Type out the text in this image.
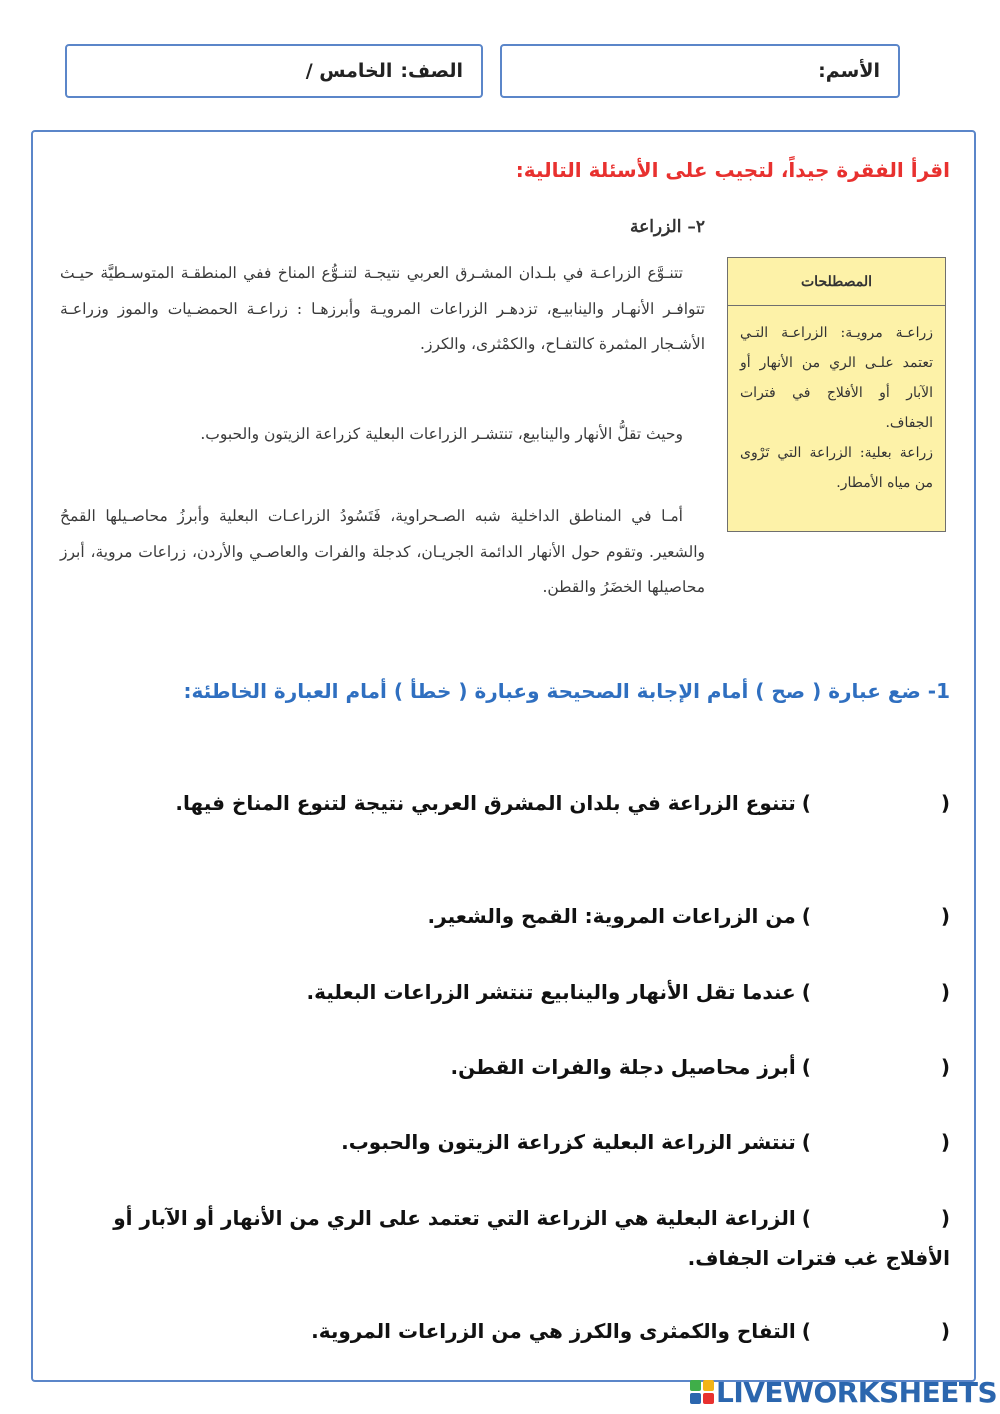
الأسم:
الصف:
الخامس /
اقرأ الفقرة جيداً، لتجيب على الأسئلة التالية:
٢– الزراعة
تتنـوَّع الزراعـة في بلـدان المشـرق العربي نتيجـة لتنـوُّع المناخ ففي المنطقـة المتوسـطيَّة حيـث تتوافـر الأنهـار والينابيـع، تزدهـر الزراعات المرويـة وأبرزهـا : زراعـة الحمضـيات والموز وزراعـة الأشـجار المثمرة كالتفـاح، والكمْثرى، والكرز.
وحيث تقلُّ الأنهار والينابيع، تنتشـر الزراعات البعلية كزراعة الزيتون والحبوب.
أمـا في المناطق الداخلية شبه الصـحراوية، فَتَسُودُ الزراعـات البعلية وأبرزُ محاصـيلها القمحُ والشعير. وتقوم حول الأنهار الدائمة الجريـان، كدجلة والفرات والعاصـي والأردن، زراعات مروية، أبرز محاصيلها الخضَرُ والقطن.
المصطلحات
زراعـة مرويـة: الزراعـة التـي تعتمد علـى الري من الأنهار أو الآبار أو الأفلاج في فترات الجفاف.
زراعة بعلية: الزراعة التي تَرْوى من مياه الأمطار.
1- ضع عبارة ( صح ) أمام الإجابة الصحيحة وعبارة ( خطأ ) أمام العبارة الخاطئة:
()تتنوع الزراعة في بلدان المشرق العربي نتيجة لتنوع المناخ فيها.
()من الزراعات المروية: القمح والشعير.
()عندما تقل الأنهار والينابيع تنتشر الزراعات البعلية.
()أبرز محاصيل دجلة والفرات القطن.
()تنتشر الزراعة البعلية كزراعة الزيتون والحبوب.
()الزراعة البعلية هي الزراعة التي تعتمد على الري من الأنهار أو الآبار أو الأفلاج غب فترات الجفاف.
()التفاح والكمثرى والكرز هي من الزراعات المروية.
LIVEWORKSHEETS
